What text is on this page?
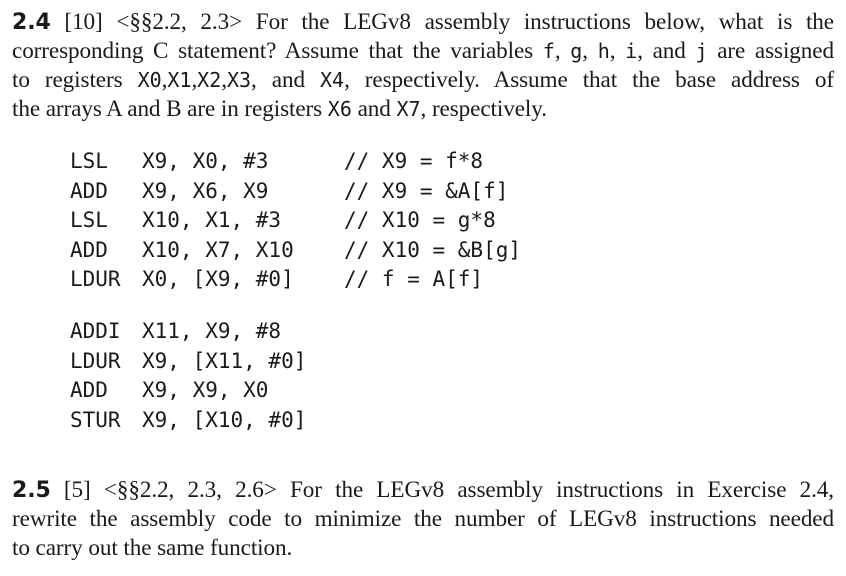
2.4 [10] <§§2.2, 2.3> For the LEGv8 assembly instructions below, what is the
corresponding C statement? Assume that the variables f, g, h, i, and j are assigned
to registers X0,X1,X2,X3, and X4, respectively. Assume that the base address of
the arrays A and B are in registers X6 and X7, respectively.
LSL X9, X0, #3	// X9 = f*8
ADD X9, X6, X9	// X9 = &A[f]
LSL X10, X1, #3	// X10 = g*8
ADD X10, X7, X10 // X10 = &B[g]
LDUR X0, [X9, #0] // f = A[f]
ADDI X11, X9, #8
LDUR X9, [X11, #0]
ADD X9, X9, X0
STUR X9, [X10, #0]
2.5 [5] <§§2.2, 2.3, 2.6> For the LEGv8 assembly instructions in Exercise 2.4,
rewrite the assembly code to minimize the number of LEGv8 instructions needed
to carry out the same function.
